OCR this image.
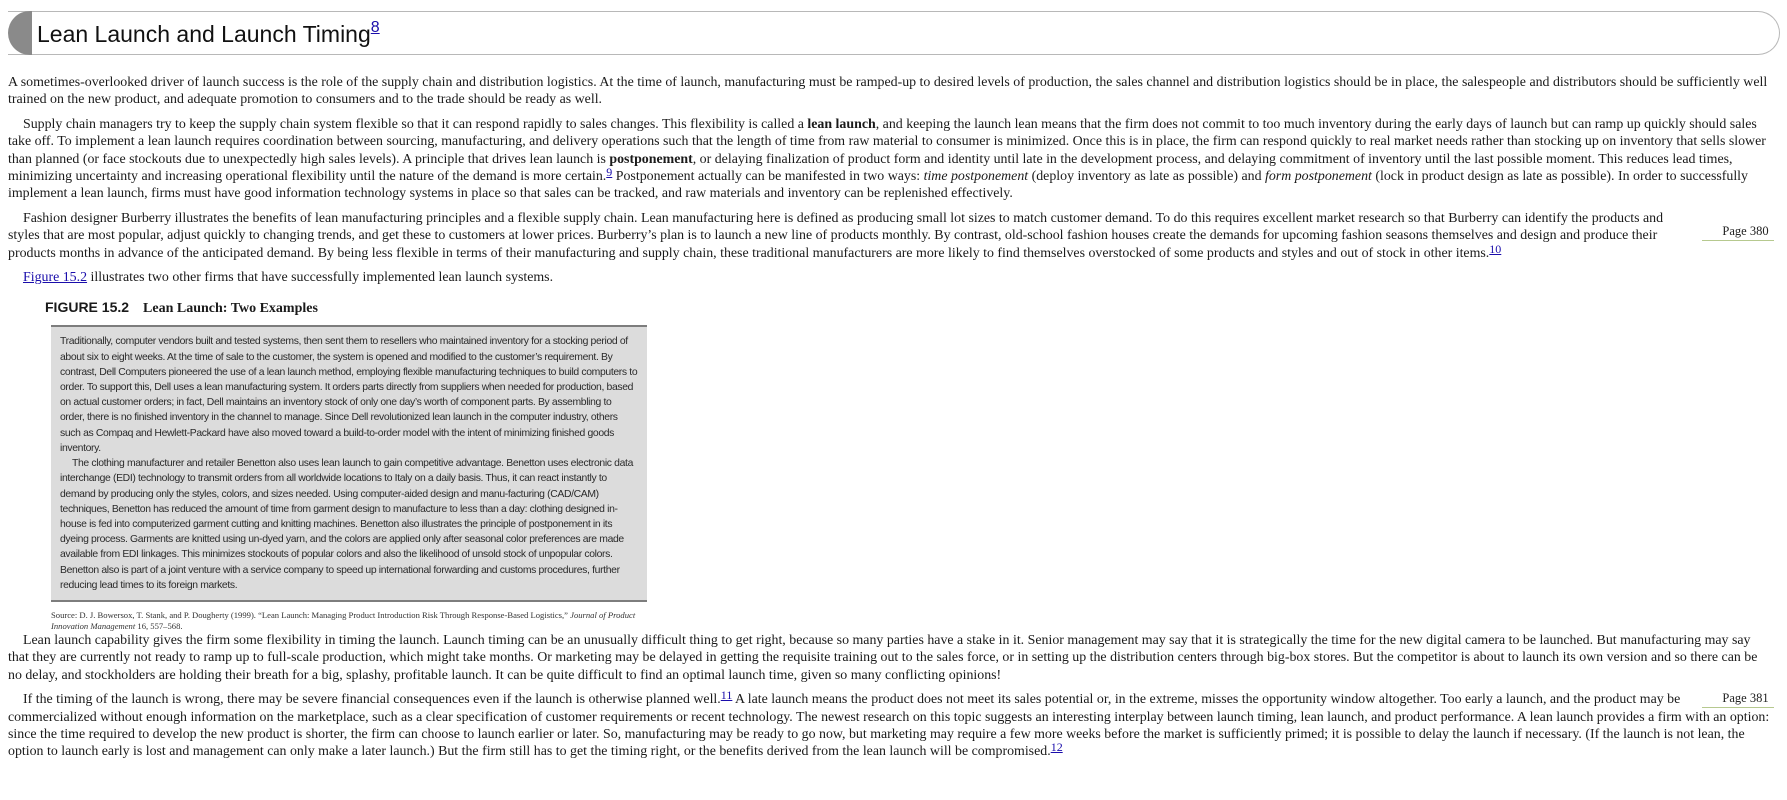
Lean Launch and Launch Timing$^8$

A sometimes-overlooked driver of launch success is the role of the supply chain and distribution logistics. At the time of launch, manufacturing must be ramped-up to desired levels of production, the sales channel and distribution logistics should be in place, the salespeople and distributors should be sufficiently well trained on the new product, and adequate promotion to consumers and to the trade should be ready as well.

Supply chain managers try to keep the supply chain system flexible so that it can respond rapidly to sales changes. This flexibility is called a lean launch, and keeping the launch lean means that the firm does not commit to too much inventory during the early days of launch but can ramp up quickly should sales take off. To implement a lean launch requires coordination between sourcing, manufacturing, and delivery operations such that the length of time from raw material to consumer is minimized. Once this is in place, the firm can respond quickly to real market needs rather than stocking up on inventory that sells slower than planned (or face stockouts due to unexpectedly high sales levels). A principle that drives lean launch is postponement, or delaying finalization of product form and identity until late in the development process, and delaying commitment of inventory until the last possible moment. This reduces lead times, minimizing uncertainty and increasing operational flexibility until the nature of the demand is more certain.9 Postponement actually can be manifested in two ways: time postponement (deploy inventory as late as possible) and form postponement (lock in product design as late as possible). In order to successfully implement a lean launch, firms must have good information technology systems in place so that sales can be tracked, and raw materials and inventory can be replenished effectively.

Page 380
Fashion designer Burberry illustrates the benefits of lean manufacturing principles and a flexible supply chain. Lean manufacturing here is defined as producing small lot sizes to match customer demand. To do this requires excellent market research so that Burberry can identify the products and styles that are most popular, adjust quickly to changing trends, and get these to customers at lower prices. Burberry’s plan is to launch a new line of products monthly. By contrast, old-school fashion houses create the demands for upcoming fashion seasons themselves and design and produce their products months in advance of the anticipated demand. By being less flexible in terms of their manufacturing and supply chain, these traditional manufacturers are more likely to find themselves overstocked of some products and styles and out of stock in other items.10

Figure 15.2 illustrates two other firms that have successfully implemented lean launch systems.

FIGURE 15.2 Lean Launch: Two Examples

Traditionally, computer vendors built and tested systems, then sent them to resellers who maintained inventory for a stocking period of about six to eight weeks. At the time of sale to the customer, the system is opened and modified to the customer’s requirement. By contrast, Dell Computers pioneered the use of a lean launch method, employing flexible manufacturing techniques to build computers to order. To support this, Dell uses a lean manufacturing system. It orders parts directly from suppliers when needed for production, based on actual customer orders; in fact, Dell maintains an inventory stock of only one day’s worth of component parts. By assembling to order, there is no finished inventory in the channel to manage. Since Dell revolutionized lean launch in the computer industry, others such as Compaq and Hewlett-Packard have also moved toward a build-to-order model with the intent of minimizing finished goods inventory.

The clothing manufacturer and retailer Benetton also uses lean launch to gain competitive advantage. Benetton uses electronic data interchange (EDI) technology to transmit orders from all worldwide locations to Italy on a daily basis. Thus, it can react instantly to demand by producing only the styles, colors, and sizes needed. Using computer-aided design and manu-facturing (CAD/CAM) techniques, Benetton has reduced the amount of time from garment design to manufacture to less than a day: clothing designed in-house is fed into computerized garment cutting and knitting machines. Benetton also illustrates the principle of postponement in its dyeing process. Garments are knitted using un-dyed yarn, and the colors are applied only after seasonal color preferences are made available from EDI linkages. This minimizes stockouts of popular colors and also the likelihood of unsold stock of unpopular colors. Benetton also is part of a joint venture with a service company to speed up international forwarding and customs procedures, further reducing lead times to its foreign markets.

Source: D. J. Bowersox, T. Stank, and P. Dougherty (1999). “Lean Launch: Managing Product Introduction Risk Through Response-Based Logistics,” Journal of Product Innovation Management 16, 557–568.

Lean launch capability gives the firm some flexibility in timing the launch. Launch timing can be an unusually difficult thing to get right, because so many parties have a stake in it. Senior management may say that it is strategically the time for the new digital camera to be launched. But manufacturing may say that they are currently not ready to ramp up to full-scale production, which might take months. Or marketing may be delayed in getting the requisite training out to the sales force, or in setting up the distribution centers through big-box stores. But the competitor is about to launch its own version and so there can be no delay, and stockholders are holding their breath for a big, splashy, profitable launch. It can be quite difficult to find an optimal launch time, given so many conflicting opinions!

Page 381
If the timing of the launch is wrong, there may be severe financial consequences even if the launch is otherwise planned well.11 A late launch means the product does not meet its sales potential or, in the extreme, misses the opportunity window altogether. Too early a launch, and the product may be commercialized without enough information on the marketplace, such as a clear specification of customer requirements or recent technology. The newest research on this topic suggests an interesting interplay between launch timing, lean launch, and product performance. A lean launch provides a firm with an option: since the time required to develop the new product is shorter, the firm can choose to launch earlier or later. So, manufacturing may be ready to go now, but marketing may require a few more weeks before the market is sufficiently primed; it is possible to delay the launch if necessary. (If the launch is not lean, the option to launch early is lost and management can only make a later launch.) But the firm still has to get the timing right, or the benefits derived from the lean launch will be compromised.12
